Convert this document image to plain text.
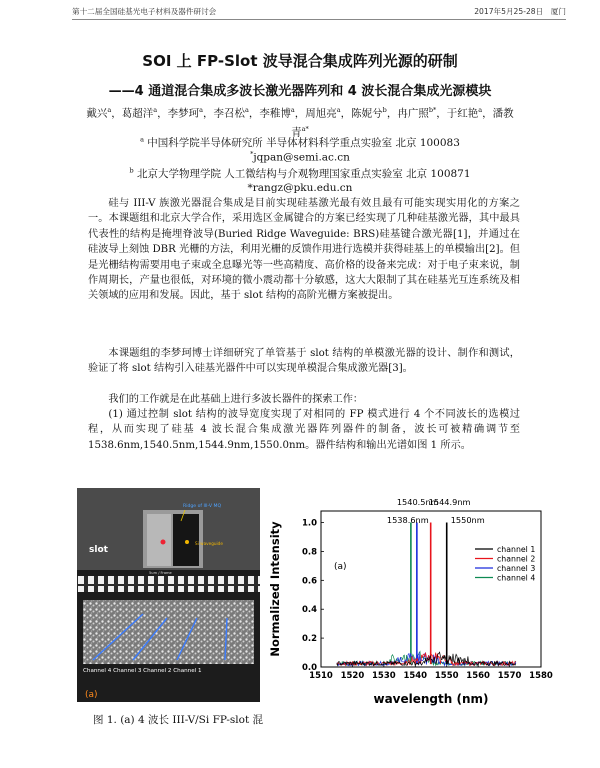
第十二届全国硅基光电子材料及器件研讨会	2017年5月25-28日　厦门
SOI 上 FP-Slot 波导混合集成阵列光源的研制
——4 通道混合集成多波长激光器阵列和 4 波长混合集成光源模块
戴兴$^a$，葛超洋$^a$，李梦珂$^a$，李召松$^a$，李稚博$^a$，周旭亮$^a$，陈妮兮$^b$，冉广照$^{b*}$，于红艳$^a$，潘教青$^{a*}$
$^a$ 中国科学院半导体研究所 半导体材料科学重点实验室 北京 100083
*jqpan@semi.ac.cn
$^b$ 北京大学物理学院 人工微结构与介观物理国家重点实验室 北京 100871
*rangz@pku.edu.cn

硅与 III-V 族激光器混合集成是目前实现硅基激光最有效且最有可能实现实用化的方案之一。本课题组和北京大学合作，采用选区金属键合的方案已经实现了几种硅基激光器，其中最具代表性的结构是掩埋脊波导(Buried Ridge Waveguide: BRS)硅基键合激光器[1]，并通过在硅波导上刻蚀 DBR 光栅的方法，利用光栅的反馈作用进行选模并获得硅基上的单模输出[2]。但是光栅结构需要用电子束或全息曝光等一些高精度、高价格的设备来完成：对于电子束来说，制作周期长，产量也很低，对环境的微小震动都十分敏感，这大大限制了其在硅基光互连系统及相关领域的应用和发展。因此，基于 slot 结构的高阶光栅方案被提出。

本课题组的李梦珂博士详细研究了单管基于 slot 结构的单模激光器的设计、制作和测试，验证了将 slot 结构引入硅基光器件中可以实现单模混合集成激光器[3]。

我们的工作就是在此基础上进行多波长器件的探索工作：

(1) 通过控制 slot 结构的波导宽度实现了对相同的 FP 模式进行 4 个不同波长的选模过程，从而实现了硅基 4 波长混合集成激光器阵列器件的制备，波长可被精确调节至 1538.6nm,1540.5nm,1544.9nm,1550.0nm。器件结构和输出光谱如图 1 所示。

Ridge of III-V MQ
Si waveguide
5um / Frame
slot
Channel 4 Channel 3 Channel 2 Channel 1
(a)
1510 1520 1530 1540 1550 1560 1570 1580
0.0
0.2
0.4
0.6
0.8
1.0
wavelength (nm)
Normalized Intensity	(a)
1540.5nm
1544.9nm
1538.6nm	1550nm
channel 1
channel 2
channel 3
channel 4
图 1. (a) 4 波长 III-V/Si FP-slot 混
